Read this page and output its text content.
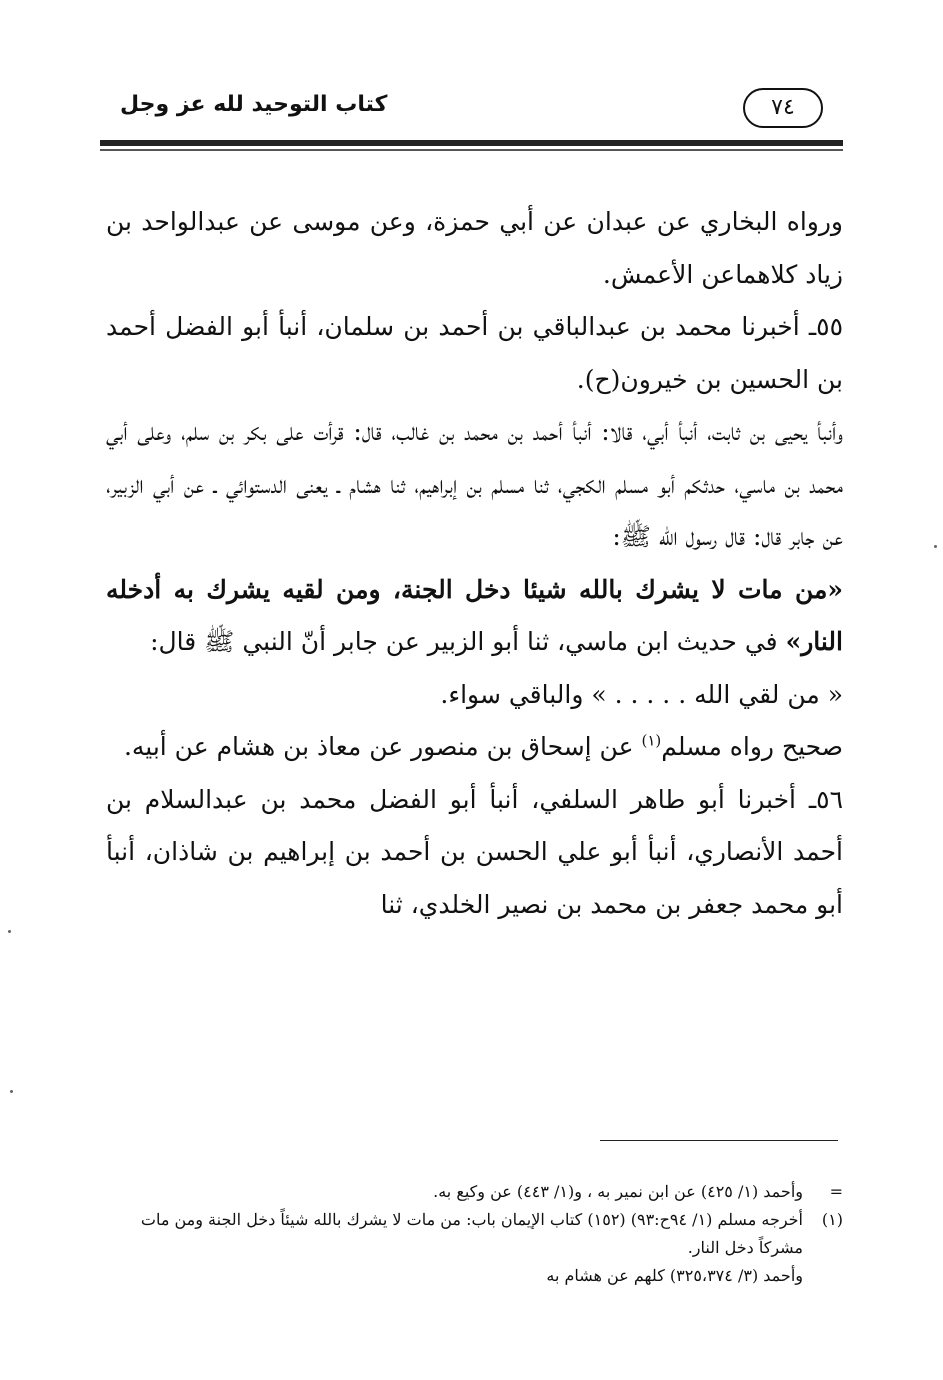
كتاب التوحيد لله عز وجل	٧٤

ورواه البخاري عن عبدان عن أبي حمزة، وعن موسى عن عبدالواحد بن زياد كلاهماعن الأعمش.

٥٥ـ أخبرنا محمد بن عبدالباقي بن أحمد بن سلمان، أنبأ أبو الفضل أحمد بن الحسين بن خيرون(ح).

وأنبأ يحيى بن ثابت، أنبأ أبي، قالا: أنبأ أحمد بن محمد بن غالب، قال: قرأت على بكر بن سلم، وعلى أبي محمد بن ماسي، حدثكم أبو مسلم الكجي، ثنا مسلم بن إبراهيم، ثنا هشام ـ يعنى الدستوائي ـ عن أبي الزبير، عن جابر قال: قال رسول الله ﷺ:
«من مات لا يشرك بالله شيئا دخل الجنة، ومن لقيه يشرك به أدخله النار» في حديث ابن ماسي، ثنا أبو الزبير عن جابر أنّ النبي ﷺ قال:

« من لقي الله . . . . . » والباقي سواء.

صحيح رواه مسلم$^{(١)}$ عن إسحاق بن منصور عن معاذ بن هشام عن أبيه.

٥٦ـ أخبرنا أبو طاهر السلفي، أنبأ أبو الفضل محمد بن عبدالسلام بن أحمد الأنصاري، أنبأ أبو علي الحسن بن أحمد بن إبراهيم بن شاذان، أنبأ أبو محمد جعفر بن محمد بن نصير الخلدي، ثنا

=
وأحمد (١/ ٤٢٥) عن ابن نمير به ، و(١/ ٤٤٣) عن وكيع به.

(١)
أخرجه مسلم (١/ ٩٤ح:٩٣) (١٥٢) كتاب الإيمان باب: من مات لا يشرك بالله شيئاً دخل الجنة ومن مات مشركاً دخل النار.

وأحمد (٣/ ٣٢٥،٣٧٤) كلهم عن هشام به
